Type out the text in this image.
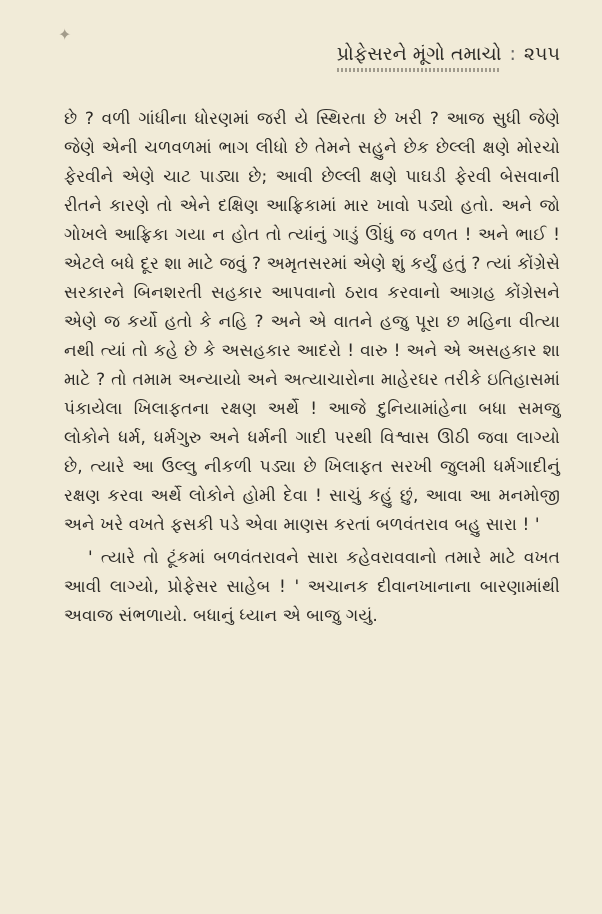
✦
પ્રોફેસરને મૂંગો તમાચો : ૨૫૫

છે ? વળી ગાંધીના ધોરણમાં જરી યે સ્થિરતા છે ખરી ? આજ સુધી જેણે જેણે એની ચળવળમાં ભાગ લીધો છે તેમને સહુને છેક છેલ્લી ક્ષણે મોરચો ફેરવીને એણે ચાટ પાડ્યા છે; આવી છેલ્લી ક્ષણે પાઘડી ફેરવી બેસવાની રીતને કારણે તો એને દક્ષિણ આફ્રિકામાં માર ખાવો પડ્યો હતો. અને જો ગોખલે આફ્રિકા ગયા ન હોત તો ત્યાંનું ગાડું ઊંધું જ વળત ! અને ભાઈ ! એટલે બધે દૂર શા માટે જવું ? અમૃતસરમાં એણે શું કર્યું હતું ? ત્યાં કોંગ્રેસે સરકારને બિનશરતી સહકાર આપવાનો ઠરાવ કરવાનો આગ્રહ કોંગ્રેસને એણે જ કર્યો હતો કે નહિ ? અને એ વાતને હજુ પૂરા છ મહિના વીત્યા નથી ત્યાં તો કહે છે કે અસહકાર આદરો ! વારુ ! અને એ અસહકાર શા માટે ? તો તમામ અન્યાયો અને અત્યાચારોના માહેરઘર તરીકે ઇતિહાસમાં પંકાયેલા ખિલાફતના રક્ષણ અર્થે ! આજે દુનિયામાંહેના બધા સમજુ લોકોને ધર્મ, ધર્મગુરુ અને ધર્મની ગાદી પરથી વિશ્વાસ ઊઠી જવા લાગ્યો છે, ત્યારે આ ઉલ્લુ નીકળી પડ્યા છે ખિલાફત સરખી જુલમી ધર્મગાદીનું રક્ષણ કરવા અર્થે લોકોને હોમી દેવા ! સાચું કહું છું, આવા આ મનમોજી અને ખરે વખતે ફસકી પડે એવા માણસ કરતાં બળવંતરાવ બહુ સારા ! '

' ત્યારે તો ટૂંકમાં બળવંતરાવને સારા કહેવરાવવાનો તમારે માટે વખત આવી લાગ્યો, પ્રોફેસર સાહેબ ! ' અચાનક દીવાનખાનાના બારણામાંથી અવાજ સંભળાયો. બધાનું ધ્યાન એ બાજુ ગયું.
